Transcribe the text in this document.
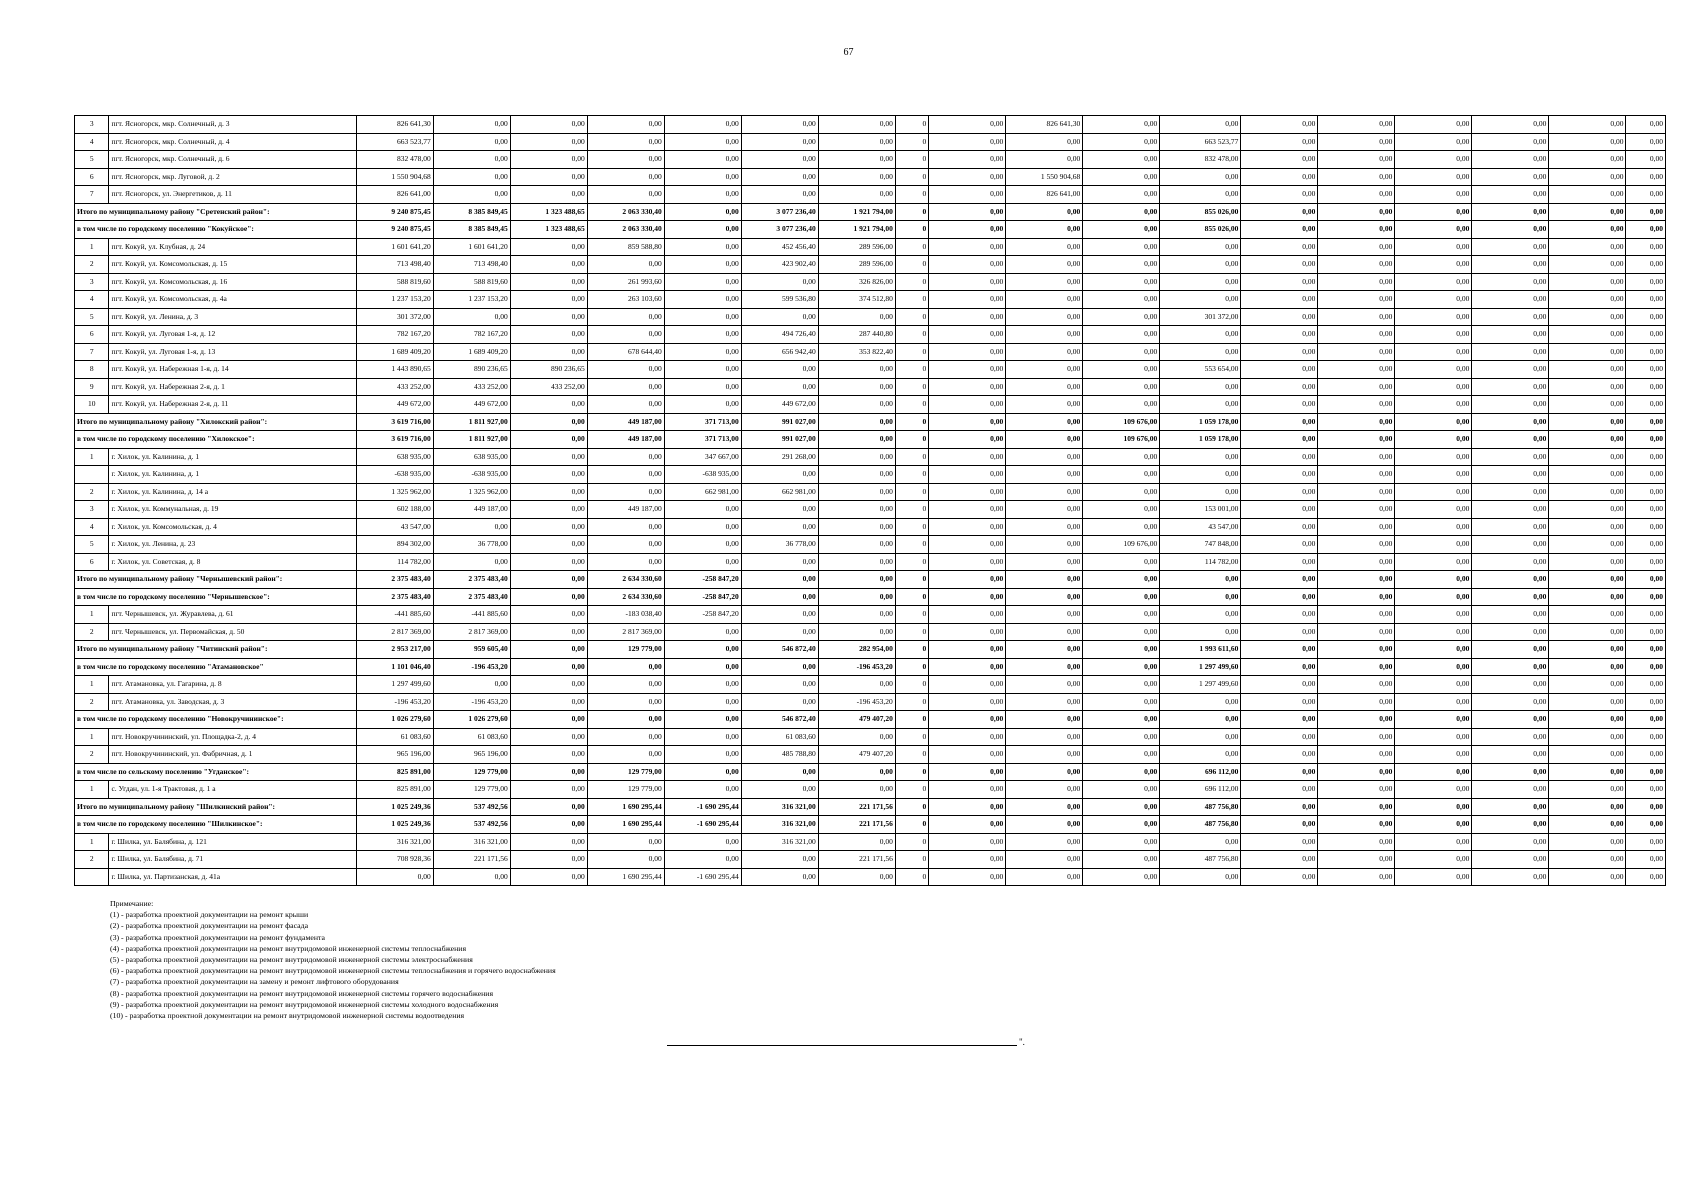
67
3	пгт. Ясногорск, мкр. Солнечный, д. 3	826 641,30	0,00	0,00	0,00	0,00	0,00	0,00	0	0,00	826 641,30	0,00	0,00	0,00	0,00	0,00	0,00	0,00	0,00
4	пгт. Ясногорск, мкр. Солнечный, д. 4	663 523,77	0,00	0,00	0,00	0,00	0,00	0,00	0	0,00	0,00	0,00	663 523,77	0,00	0,00	0,00	0,00	0,00	0,00
5	пгт. Ясногорск, мкр. Солнечный, д. 6	832 478,00	0,00	0,00	0,00	0,00	0,00	0,00	0	0,00	0,00	0,00	832 478,00	0,00	0,00	0,00	0,00	0,00	0,00
6	пгт. Ясногорск, мкр. Луговой, д. 2	1 550 904,68	0,00	0,00	0,00	0,00	0,00	0,00	0	0,00	1 550 904,68	0,00	0,00	0,00	0,00	0,00	0,00	0,00	0,00
7	пгт. Ясногорск, ул. Энергетиков, д. 11	826 641,00	0,00	0,00	0,00	0,00	0,00	0,00	0	0,00	826 641,00	0,00	0,00	0,00	0,00	0,00	0,00	0,00	0,00
Итого по муниципальному району "Сретенский район":		9 240 875,45	8 385 849,45	1 323 488,65	2 063 330,40	0,00	3 077 236,40	1 921 794,00	0	0,00	0,00	0,00	855 026,00	0,00	0,00	0,00	0,00	0,00	0,00
в том числе по городскому поселению "Кокуйское":		9 240 875,45	8 385 849,45	1 323 488,65	2 063 330,40	0,00	3 077 236,40	1 921 794,00	0	0,00	0,00	0,00	855 026,00	0,00	0,00	0,00	0,00	0,00	0,00
1	пгт. Кокуй, ул. Клубная, д. 24	1 601 641,20	1 601 641,20	0,00	859 588,80	0,00	452 456,40	289 596,00	0	0,00	0,00	0,00	0,00	0,00	0,00	0,00	0,00	0,00	0,00
2	пгт. Кокуй, ул. Комсомольская, д. 15	713 498,40	713 498,40	0,00	0,00	0,00	423 902,40	289 596,00	0	0,00	0,00	0,00	0,00	0,00	0,00	0,00	0,00	0,00	0,00
3	пгт. Кокуй, ул. Комсомольская, д. 16	588 819,60	588 819,60	0,00	261 993,60	0,00	0,00	326 826,00	0	0,00	0,00	0,00	0,00	0,00	0,00	0,00	0,00	0,00	0,00
4	пгт. Кокуй, ул. Комсомольская, д. 4а	1 237 153,20	1 237 153,20	0,00	263 103,60	0,00	599 536,80	374 512,80	0	0,00	0,00	0,00	0,00	0,00	0,00	0,00	0,00	0,00	0,00
5	пгт. Кокуй, ул. Ленина, д. 3	301 372,00	0,00	0,00	0,00	0,00	0,00	0,00	0	0,00	0,00	0,00	301 372,00	0,00	0,00	0,00	0,00	0,00	0,00
6	пгт. Кокуй, ул. Луговая 1-я, д. 12	782 167,20	782 167,20	0,00	0,00	0,00	494 726,40	287 440,80	0	0,00	0,00	0,00	0,00	0,00	0,00	0,00	0,00	0,00	0,00
7	пгт. Кокуй, ул. Луговая 1-я, д. 13	1 689 409,20	1 689 409,20	0,00	678 644,40	0,00	656 942,40	353 822,40	0	0,00	0,00	0,00	0,00	0,00	0,00	0,00	0,00	0,00	0,00
8	пгт. Кокуй, ул. Набережная 1-я, д. 14	1 443 890,65	890 236,65	890 236,65	0,00	0,00	0,00	0,00	0	0,00	0,00	0,00	553 654,00	0,00	0,00	0,00	0,00	0,00	0,00
9	пгт. Кокуй, ул. Набережная 2-я, д. 1	433 252,00	433 252,00	433 252,00	0,00	0,00	0,00	0,00	0	0,00	0,00	0,00	0,00	0,00	0,00	0,00	0,00	0,00	0,00
10	пгт. Кокуй, ул. Набережная 2-я, д. 11	449 672,00	449 672,00	0,00	0,00	0,00	449 672,00	0,00	0	0,00	0,00	0,00	0,00	0,00	0,00	0,00	0,00	0,00	0,00
Итого по муниципальному району "Хилокский район":		3 619 716,00	1 811 927,00	0,00	449 187,00	371 713,00	991 027,00	0,00	0	0,00	0,00	109 676,00	1 059 178,00	0,00	0,00	0,00	0,00	0,00	0,00
в том числе по городскому поселению "Хилокское":		3 619 716,00	1 811 927,00	0,00	449 187,00	371 713,00	991 027,00	0,00	0	0,00	0,00	109 676,00	1 059 178,00	0,00	0,00	0,00	0,00	0,00	0,00
1	г. Хилок, ул. Калинина, д. 1	638 935,00	638 935,00	0,00	0,00	347 667,00	291 268,00	0,00	0	0,00	0,00	0,00	0,00	0,00	0,00	0,00	0,00	0,00	0,00
	г. Хилок, ул. Калинина, д. 1	-638 935,00	-638 935,00	0,00	0,00	-638 935,00	0,00	0,00	0	0,00	0,00	0,00	0,00	0,00	0,00	0,00	0,00	0,00	0,00
2	г. Хилок, ул. Калинина, д. 14 а	1 325 962,00	1 325 962,00	0,00	0,00	662 981,00	662 981,00	0,00	0	0,00	0,00	0,00	0,00	0,00	0,00	0,00	0,00	0,00	0,00
3	г. Хилок, ул. Коммунальная, д. 19	602 188,00	449 187,00	0,00	449 187,00	0,00	0,00	0,00	0	0,00	0,00	0,00	153 001,00	0,00	0,00	0,00	0,00	0,00	0,00
4	г. Хилок, ул. Комсомольская, д. 4	43 547,00	0,00	0,00	0,00	0,00	0,00	0,00	0	0,00	0,00	0,00	43 547,00	0,00	0,00	0,00	0,00	0,00	0,00
5	г. Хилок, ул. Ленина, д. 23	894 302,00	36 778,00	0,00	0,00	0,00	36 778,00	0,00	0	0,00	0,00	109 676,00	747 848,00	0,00	0,00	0,00	0,00	0,00	0,00
6	г. Хилок, ул. Советская, д. 8	114 782,00	0,00	0,00	0,00	0,00	0,00	0,00	0	0,00	0,00	0,00	114 782,00	0,00	0,00	0,00	0,00	0,00	0,00
Итого по муниципальному району "Чернышевский район":		2 375 483,40	2 375 483,40	0,00	2 634 330,60	-258 847,20	0,00	0,00	0	0,00	0,00	0,00	0,00	0,00	0,00	0,00	0,00	0,00	0,00
в том числе по городскому поселению "Чернышевское":		2 375 483,40	2 375 483,40	0,00	2 634 330,60	-258 847,20	0,00	0,00	0	0,00	0,00	0,00	0,00	0,00	0,00	0,00	0,00	0,00	0,00
1	пгт. Чернышевск, ул. Журавлева, д. 61	-441 885,60	-441 885,60	0,00	-183 038,40	-258 847,20	0,00	0,00	0	0,00	0,00	0,00	0,00	0,00	0,00	0,00	0,00	0,00	0,00
2	пгт. Чернышевск, ул. Первомайская, д. 50	2 817 369,00	2 817 369,00	0,00	2 817 369,00	0,00	0,00	0,00	0	0,00	0,00	0,00	0,00	0,00	0,00	0,00	0,00	0,00	0,00
Итого по муниципальному району "Читинский район":		2 953 217,00	959 605,40	0,00	129 779,00	0,00	546 872,40	282 954,00	0	0,00	0,00	0,00	1 993 611,60	0,00	0,00	0,00	0,00	0,00	0,00
в том числе по городскому поселению "Атамановское"		1 101 046,40	-196 453,20	0,00	0,00	0,00	0,00	-196 453,20	0	0,00	0,00	0,00	1 297 499,60	0,00	0,00	0,00	0,00	0,00	0,00
1	пгт. Атамановка, ул. Гагарина, д. 8	1 297 499,60	0,00	0,00	0,00	0,00	0,00	0,00	0	0,00	0,00	0,00	1 297 499,60	0,00	0,00	0,00	0,00	0,00	0,00
2	пгт. Атамановка, ул. Заводская, д. 3	-196 453,20	-196 453,20	0,00	0,00	0,00	0,00	-196 453,20	0	0,00	0,00	0,00	0,00	0,00	0,00	0,00	0,00	0,00	0,00
в том числе по городскому поселению "Новокручининское":		1 026 279,60	1 026 279,60	0,00	0,00	0,00	546 872,40	479 407,20	0	0,00	0,00	0,00	0,00	0,00	0,00	0,00	0,00	0,00	0,00
1	пгт. Новокручининский, ул. Площадка-2, д. 4	61 083,60	61 083,60	0,00	0,00	0,00	61 083,60	0,00	0	0,00	0,00	0,00	0,00	0,00	0,00	0,00	0,00	0,00	0,00
2	пгт. Новокручининский, ул. Фабричная, д. 1	965 196,00	965 196,00	0,00	0,00	0,00	485 788,80	479 407,20	0	0,00	0,00	0,00	0,00	0,00	0,00	0,00	0,00	0,00	0,00
в том числе по сельскому поселению "Угданское":		825 891,00	129 779,00	0,00	129 779,00	0,00	0,00	0,00	0	0,00	0,00	0,00	696 112,00	0,00	0,00	0,00	0,00	0,00	0,00
1	с. Угдан, ул. 1-я Трактовая, д. 1 а	825 891,00	129 779,00	0,00	129 779,00	0,00	0,00	0,00	0	0,00	0,00	0,00	696 112,00	0,00	0,00	0,00	0,00	0,00	0,00
Итого по муниципальному району "Шилкинский район":		1 025 249,36	537 492,56	0,00	1 690 295,44	-1 690 295,44	316 321,00	221 171,56	0	0,00	0,00	0,00	487 756,80	0,00	0,00	0,00	0,00	0,00	0,00
в том числе по городскому поселению "Шилкинское":		1 025 249,36	537 492,56	0,00	1 690 295,44	-1 690 295,44	316 321,00	221 171,56	0	0,00	0,00	0,00	487 756,80	0,00	0,00	0,00	0,00	0,00	0,00
1	г. Шилка, ул. Балябина, д. 121	316 321,00	316 321,00	0,00	0,00	0,00	316 321,00	0,00	0	0,00	0,00	0,00	0,00	0,00	0,00	0,00	0,00	0,00	0,00
2	г. Шилка, ул. Балябина, д. 71	708 928,36	221 171,56	0,00	0,00	0,00	0,00	221 171,56	0	0,00	0,00	0,00	487 756,80	0,00	0,00	0,00	0,00	0,00	0,00
	г. Шилка, ул. Партизанская, д. 41а	0,00	0,00	0,00	1 690 295,44	-1 690 295,44	0,00	0,00	0	0,00	0,00	0,00	0,00	0,00	0,00	0,00	0,00	0,00	0,00
Примечание:
(1) - разработка проектной документации на ремонт крыши
(2) - разработка проектной документации на ремонт фасада
(3) - разработка проектной документации на ремонт фундамента
(4) - разработка проектной документации на ремонт внутридомовой инженерной системы теплоснабжения
(5) - разработка проектной документации на ремонт внутридомовой инженерной системы электроснабжения
(6) - разработка проектной документации на ремонт внутридомовой инженерной системы теплоснабжения и горячего водоснабжения
(7) - разработка проектной документации на замену и ремонт лифтового оборудования
(8) - разработка проектной документации на ремонт внутридомовой инженерной системы горячего водоснабжения
(9) - разработка проектной документации на ремонт внутридомовой инженерной системы холодного водоснабжения
(10) - разработка проектной документации на ремонт внутридомовой инженерной системы водоотведения
".
